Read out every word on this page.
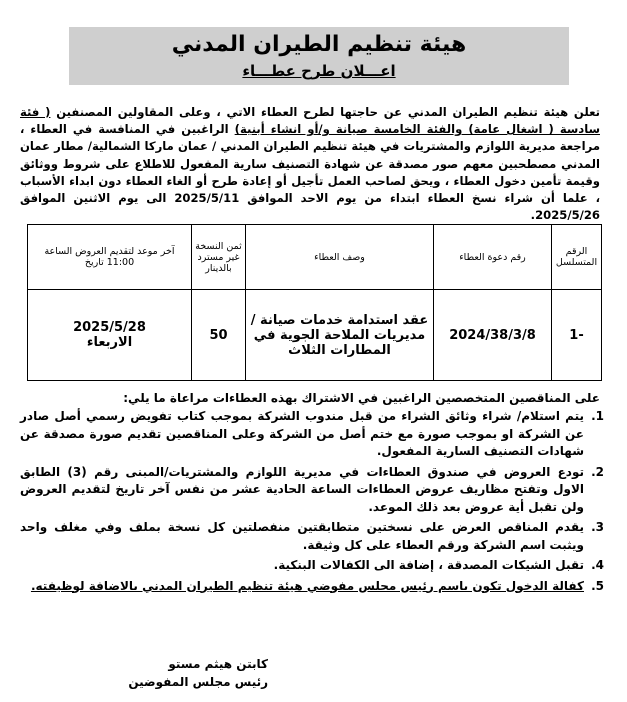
هيئة تنظيم الطيران المدني
اعـــلان طرح عطـــاء
تعلن هيئة تنظيم الطيران المدني عن حاجتها لطرح العطاء الاتي ، وعلى المقاولين المصنفين ( فئة سادسة ( اشغال عامة) والفئة الخامسة صيانة و/أو انشاء أبنية) الراغبين في المنافسة في العطاء ، مراجعة مديرية اللوازم والمشتريات في هيئة تنظيم الطيران المدني / عمان ماركا الشمالية/ مطار عمان المدني مصطحبين معهم صور مصدقة عن شهادة التصنيف سارية المفعول للاطلاع على شروط ووثائق وقيمة تأمين دخول العطاء ، ويحق لصاحب العمل تأجيل أو إعادة طرح أو الغاء العطاء دون ابداء الأسباب ، علما أن شراء نسخ العطاء ابتداء من يوم الاحد الموافق 2025/5/11 الى يوم الاثنين الموافق 2025/5/26.
الرقم المتسلسل	رقم دعوة العطاء	وصف العطاء	ثمن النسخة غير مسترد بالدينار	آخر موعد لتقديم العروض الساعة 11:00 تاريخ
-1	2024/38/3/8	عقد استدامة خدمات صيانة / مديريات الملاحة الجوية في المطارات الثلاث	50	2025/5/28
الاربعاء
على المناقصين المتخصصين الراغبين في الاشتراك بهذه العطاءات مراعاة ما يلي:
1.
يتم استلام/ شراء وثائق الشراء من قبل مندوب الشركة بموجب كتاب تفويض رسمي أصل صادر عن الشركة او بموجب صورة مع ختم أصل من الشركة وعلى المناقصين تقديم صورة مصدقة عن شهادات التصنيف السارية المفعول.
2.
تودع العروض في صندوق العطاءات في مديرية اللوازم والمشتريات/المبنى رقم (3) الطابق الاول وتفتح مظاريف عروض العطاءات الساعة الحادية عشر من نفس آخر تاريخ لتقديم العروض ولن تقبل أية عروض بعد ذلك الموعد.
3.
يقدم المناقص العرض على نسختين متطابقتين منفصلتين كل نسخة بملف وفي مغلف واحد ويثبت اسم الشركة ورقم العطاء على كل وثيقة.
4.
تقبل الشيكات المصدقة ، إضافة الى الكفالات البنكية.
5.
كفالة الدخول تكون باسم رئيس مجلس مفوضي هيئة تنظيم الطيران المدني بالاضافة لوظيفته.
كابتن هيثم مستو
رئيس مجلس المفوضين
